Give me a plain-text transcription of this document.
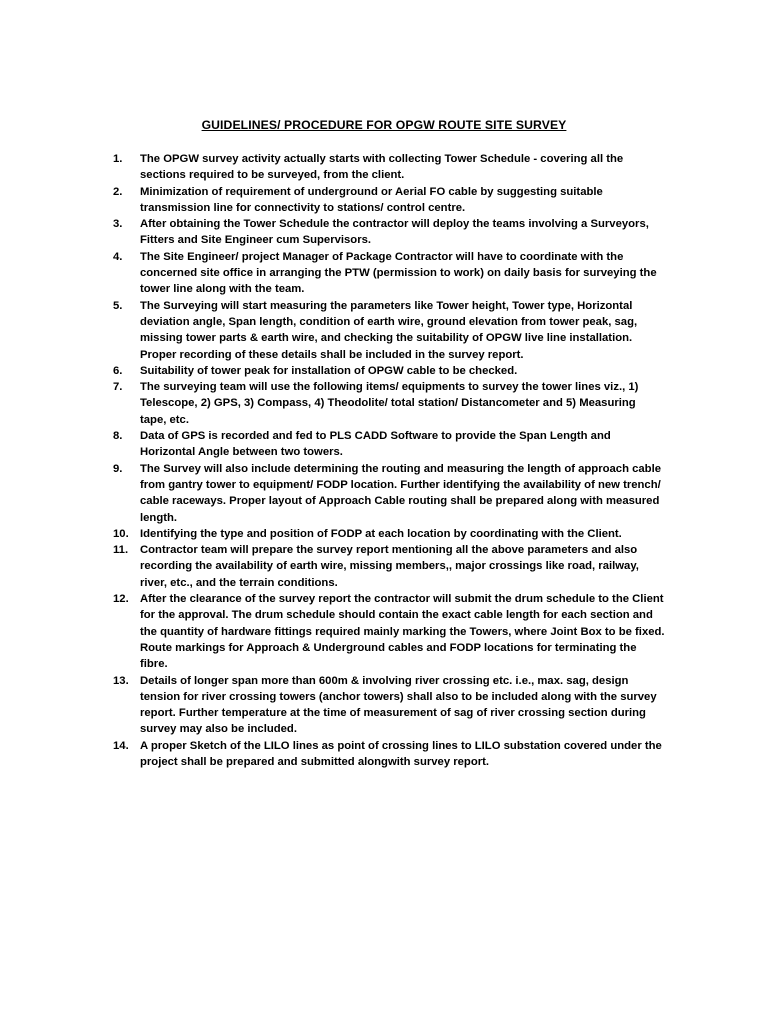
GUIDELINES/ PROCEDURE FOR OPGW ROUTE SITE SURVEY
1.	The OPGW survey activity actually starts with collecting Tower Schedule - covering all the sections required to be surveyed, from the client.
2.	Minimization of requirement of underground or Aerial FO cable by suggesting suitable transmission line for connectivity to stations/ control centre.
3.	After obtaining the Tower Schedule the contractor will deploy the teams involving a Surveyors, Fitters and Site Engineer cum Supervisors.
4.	The Site Engineer/ project Manager of Package Contractor will have to coordinate with the concerned site office in arranging the PTW (permission to work) on daily basis for surveying the tower line along with the team.
5.	The Surveying will start measuring the parameters like Tower height, Tower type, Horizontal deviation angle, Span length, condition of earth wire, ground elevation from tower peak, sag, missing tower parts & earth wire, and checking the suitability of OPGW live line installation. Proper recording of these details shall be included in the survey report.
6.	Suitability of tower peak for installation of OPGW cable to be checked.
7.	The surveying team will use the following items/ equipments to survey the tower lines viz., 1) Telescope, 2) GPS, 3) Compass, 4) Theodolite/ total station/ Distancometer and 5) Measuring tape, etc.
8.	Data of GPS is recorded and fed to PLS CADD Software to provide the Span Length and Horizontal Angle between two towers.
9.	The Survey will also include determining the routing and measuring the length of approach cable from gantry tower to equipment/ FODP location. Further identifying the availability of new trench/ cable raceways. Proper layout of Approach Cable routing shall be prepared along with measured length.
10. Identifying the type and position of FODP at each location by coordinating with the Client.
11.	Contractor team will prepare the survey report mentioning all the above parameters and also recording the availability of earth wire, missing members,, major crossings like road, railway, river, etc., and the terrain conditions.
12. After the clearance of the survey report the contractor will submit the drum schedule to the Client for the approval. The drum schedule should contain the exact cable length for each section and the quantity of hardware fittings required mainly marking the Towers, where Joint Box to be fixed. Route markings for Approach & Underground cables and FODP locations for terminating the fibre.
13. Details of longer span more than 600m & involving river crossing etc. i.e., max. sag, design tension for river crossing towers (anchor towers) shall also to be included along with the survey report. Further temperature at the time of measurement of sag of river crossing section during survey may also be included.
14. A proper Sketch of the LILO lines as point of crossing lines to LILO substation covered under the project shall be prepared and submitted alongwith survey report.
